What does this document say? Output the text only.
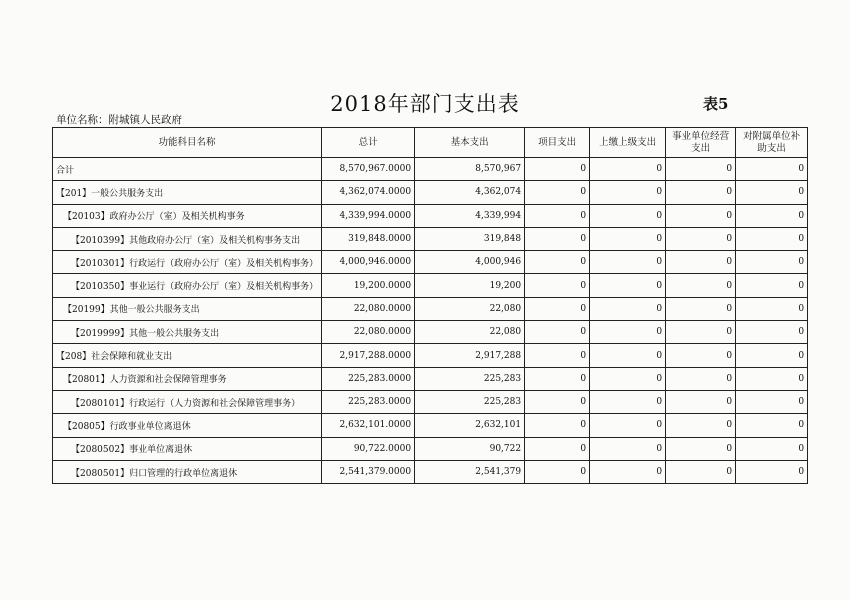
2018年部门支出表	表5
单位名称：附城镇人民政府
功能科目名称	总计	基本支出	项目支出	上缴上级支出	事业单位经营支出	对附属单位补助支出
合计	8,570,967.0000	8,570,967	0	0	0	0
【201】一般公共服务支出	4,362,074.0000	4,362,074	0	0	0	0
【20103】政府办公厅（室）及相关机构事务	4,339,994.0000	4,339,994	0	0	0	0
【2010399】其他政府办公厅（室）及相关机构事务支出	319,848.0000	319,848	0	0	0	0
【2010301】行政运行（政府办公厅（室）及相关机构事务）	4,000,946.0000	4,000,946	0	0	0	0
【2010350】事业运行（政府办公厅（室）及相关机构事务）	19,200.0000	19,200	0	0	0	0
【20199】其他一般公共服务支出	22,080.0000	22,080	0	0	0	0
【2019999】其他一般公共服务支出	22,080.0000	22,080	0	0	0	0
【208】社会保障和就业支出	2,917,288.0000	2,917,288	0	0	0	0
【20801】人力资源和社会保障管理事务	225,283.0000	225,283	0	0	0	0
【2080101】行政运行（人力资源和社会保障管理事务）	225,283.0000	225,283	0	0	0	0
【20805】行政事业单位离退休	2,632,101.0000	2,632,101	0	0	0	0
【2080502】事业单位离退休	90,722.0000	90,722	0	0	0	0
【2080501】归口管理的行政单位离退休	2,541,379.0000	2,541,379	0	0	0	0
